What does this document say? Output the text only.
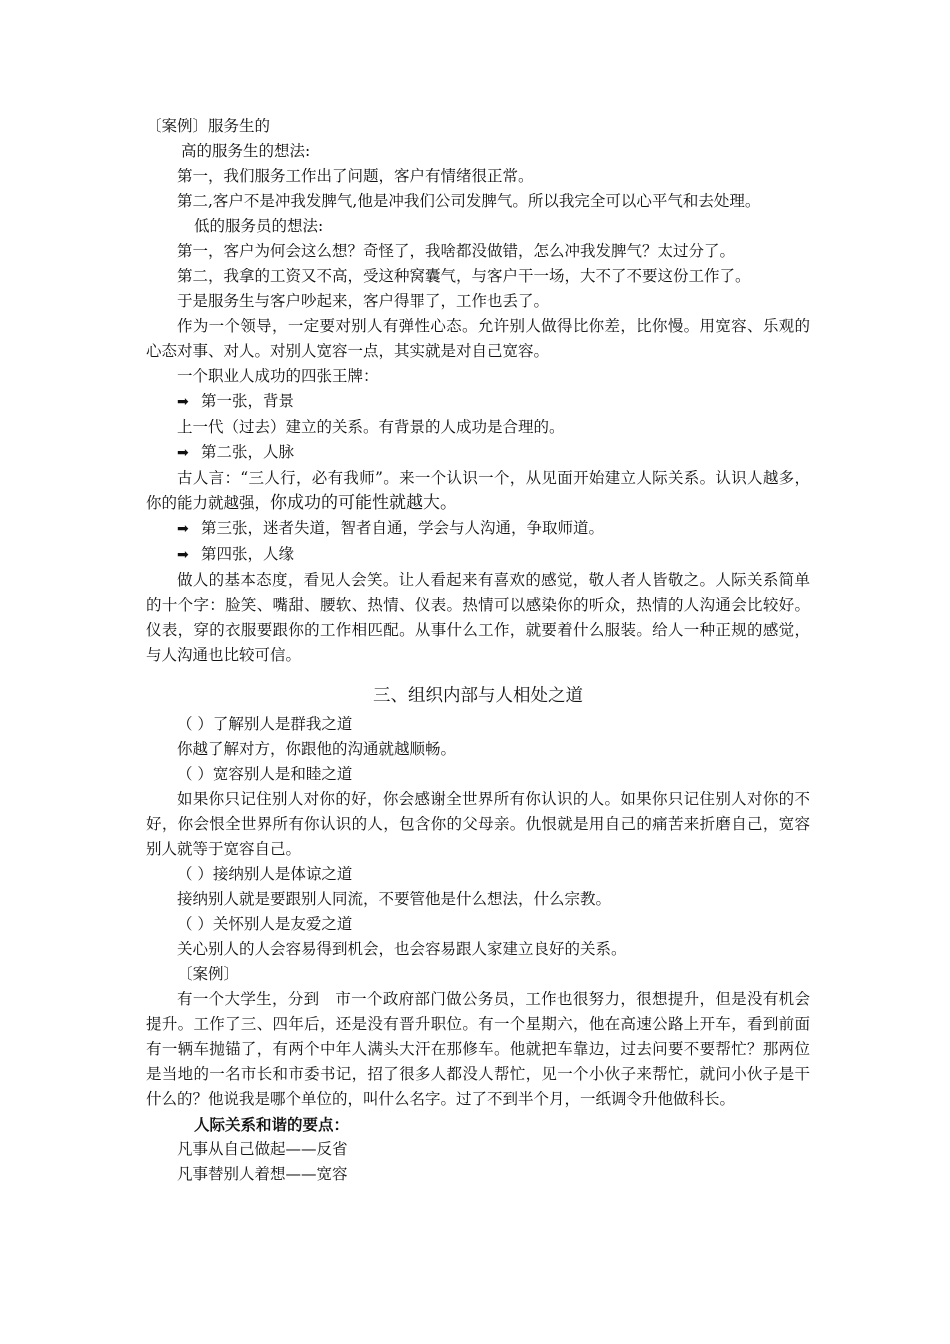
〔案例〕服务生的
高的服务生的想法:
第一，我们服务工作出了问题，客户有情绪很正常。
第二,客户不是冲我发脾气,他是冲我们公司发脾气。所以我完全可以心平气和去处理。
低的服务员的想法:
第一，客户为何会这么想？奇怪了，我啥都没做错，怎么冲我发脾气？太过分了。
第二，我拿的工资又不高，受这种窝囊气，与客户干一场，大不了不要这份工作了。
于是服务生与客户吵起来，客户得罪了，工作也丢了。

作为一个领导，一定要对别人有弹性心态。允许别人做得比你差，比你慢。用宽容、乐观的心态对事、对人。对别人宽容一点，其实就是对自己宽容。

一个职业人成功的四张王牌：
➡ 第一张，背景
上一代（过去）建立的关系。有背景的人成功是合理的。
➡ 第二张，人脉

古人言：“三人行，必有我师”。来一个认识一个，从见面开始建立人际关系。认识人越多，你的能力就越强，你成功的可能性就越大。

➡ 第三张，迷者失道，智者自通，学会与人沟通，争取师道。
➡ 第四张，人缘

做人的基本态度，看见人会笑。让人看起来有喜欢的感觉，敬人者人皆敬之。人际关系简单的十个字：脸笑、嘴甜、腰软、热情、仪表。热情可以感染你的听众，热情的人沟通会比较好。仪表，穿的衣服要跟你的工作相匹配。从事什么工作，就要着什么服装。给人一种正规的感觉，与人沟通也比较可信。

三、组织内部与人相处之道
（ ）了解别人是群我之道
你越了解对方，你跟他的沟通就越顺畅。
（ ）宽容别人是和睦之道

如果你只记住别人对你的好，你会感谢全世界所有你认识的人。如果你只记住别人对你的不好，你会恨全世界所有你认识的人，包含你的父母亲。仇恨就是用自己的痛苦来折磨自己，宽容别人就等于宽容自己。

（ ）接纳别人是体谅之道
接纳别人就是要跟别人同流，不要管他是什么想法，什么宗教。
（ ）关怀别人是友爱之道
关心别人的人会容易得到机会，也会容易跟人家建立良好的关系。
〔案例〕

有一个大学生，分到　市一个政府部门做公务员，工作也很努力，很想提升，但是没有机会提升。工作了三、四年后，还是没有晋升职位。有一个星期六，他在高速公路上开车，看到前面有一辆车抛锚了，有两个中年人满头大汗在那修车。他就把车靠边，过去问要不要帮忙？那两位是当地的一名市长和市委书记，招了很多人都没人帮忙，见一个小伙子来帮忙，就问小伙子是干什么的？他说我是哪个单位的，叫什么名字。过了不到半个月，一纸调令升他做科长。

人际关系和谐的要点：
凡事从自己做起——反省
凡事替别人着想——宽容
